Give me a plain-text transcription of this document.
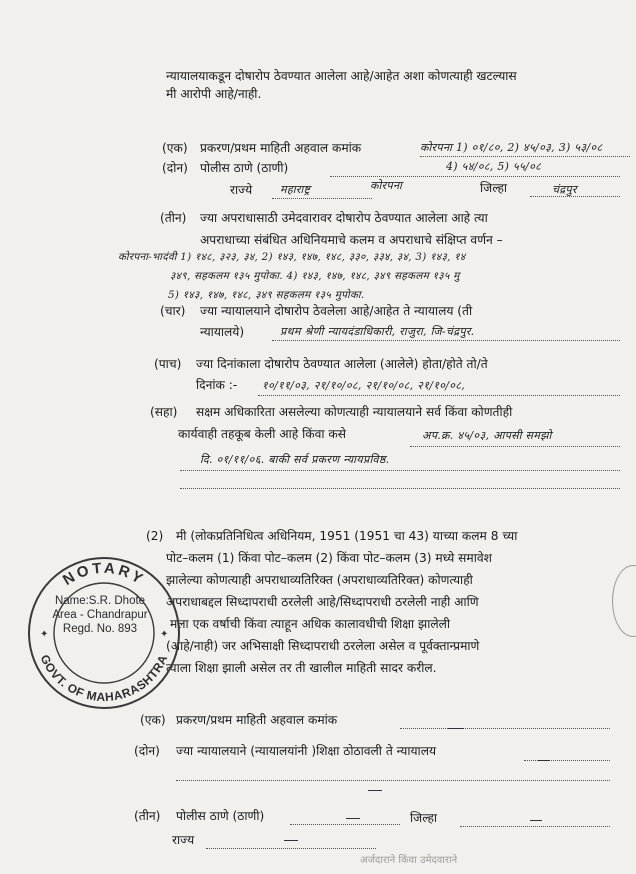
न्यायालयाकडून दोषारोप ठेवण्यात आलेला आहे/आहेत अशा कोणत्याही खटल्यास
मी आरोपी आहे/नाही.
(एक) प्रकरण/प्रथम माहिती अहवाल कमांक	कोरपना 1) ०१/८०, 2) ४५/०३, 3) ५३/०८
(दोन) पोलीस ठाणे (ठाणी)	4) ५४/०८, 5) ५५/०८
कोरपना
राज्ये	महाराष्ट्र	जिल्हा	चंद्रपुर
(तीन) ज्या अपराधासाठी उमेदवारावर दोषारोप ठेवण्यात आलेला आहे त्या
अपराधाच्या संबंधित अधिनियमाचे कलम व अपराधाचे संक्षिप्त वर्णन –
कोरपना-भादंवी 1) १४८, ३२३, ३४, 2) १४३, १४७, १४८, ३३०, ३३४, ३४, 3) १४३, १४
३४९, सहकलम १३५ मुपोका. 4) १४३, १४७, १४८, ३४९ सहकलम १३५ मु
5) १४३, १४७, १४८, ३४९ सहकलम १३५ मुपोका.
(चार) ज्या न्यायालयाने दोषारोप ठेवलेला आहे/आहेत ते न्यायालय (ती
न्यायालये)	प्रथम श्रेणी न्यायदंडाधिकारी, राजुरा, जि-चंद्रपुर.
(पाच) ज्या दिनांकाला दोषारोप ठेवण्यात आलेला (आलेले) होता/होते तो/ते
दिनांक :- १०/११/०३, २१/१०/०८, २१/१०/०८, २१/१०/०८,
(सहा) सक्षम अधिकारिता असलेल्या कोणत्याही न्यायालयाने सर्व किंवा कोणतीही
कार्यवाही तहकूब केली आहे किंवा कसे	अप.क्र. ४५/०३, आपसी समझो
दि. ०१/११/०६. बाकी सर्व प्रकरण न्यायप्रविष्ठ.
(2) मी (लोकप्रतिनिधित्व अधिनियम, 1951 (1951 चा 43) याच्या कलम 8 च्या
पोट–कलम (1) किंवा पोट–कलम (2) किंवा पोट–कलम (3) मध्ये समावेश
झालेल्या कोणत्याही अपराधाव्यतिरिक्त (अपराधाव्यतिरिक्त) कोणत्याही
अपराधाबद्दल सिध्दापराधी ठरलेली आहे/सिध्दापराधी ठरलेली नाही आणि
मला एक वर्षाची किंवा त्याहून अधिक कालावधीची शिक्षा झालेली
(आहे/नाही) जर अभिसाक्षी सिध्दापराधी ठरलेला असेल व पूर्वक्तान्प्रमाणे
त्याला शिक्षा झाली असेल तर ती खालील माहिती सादर करील.
(एक) प्रकरण/प्रथम माहिती अहवाल कमांक
(दोन) ज्या न्यायालयाने (न्यायालयांनी )शिक्षा ठोठावली ते न्यायालय
(तीन) पोलीस ठाणे (ठाणी)	जिल्हा
राज्य
अर्जदाराने किंवा उमेदवाराने
NOTARY
GOVT. OF MAHARASHTRA
✦	✦
Name:S.R. Dhote
Area - Chandrapur
Regd. No. 893
